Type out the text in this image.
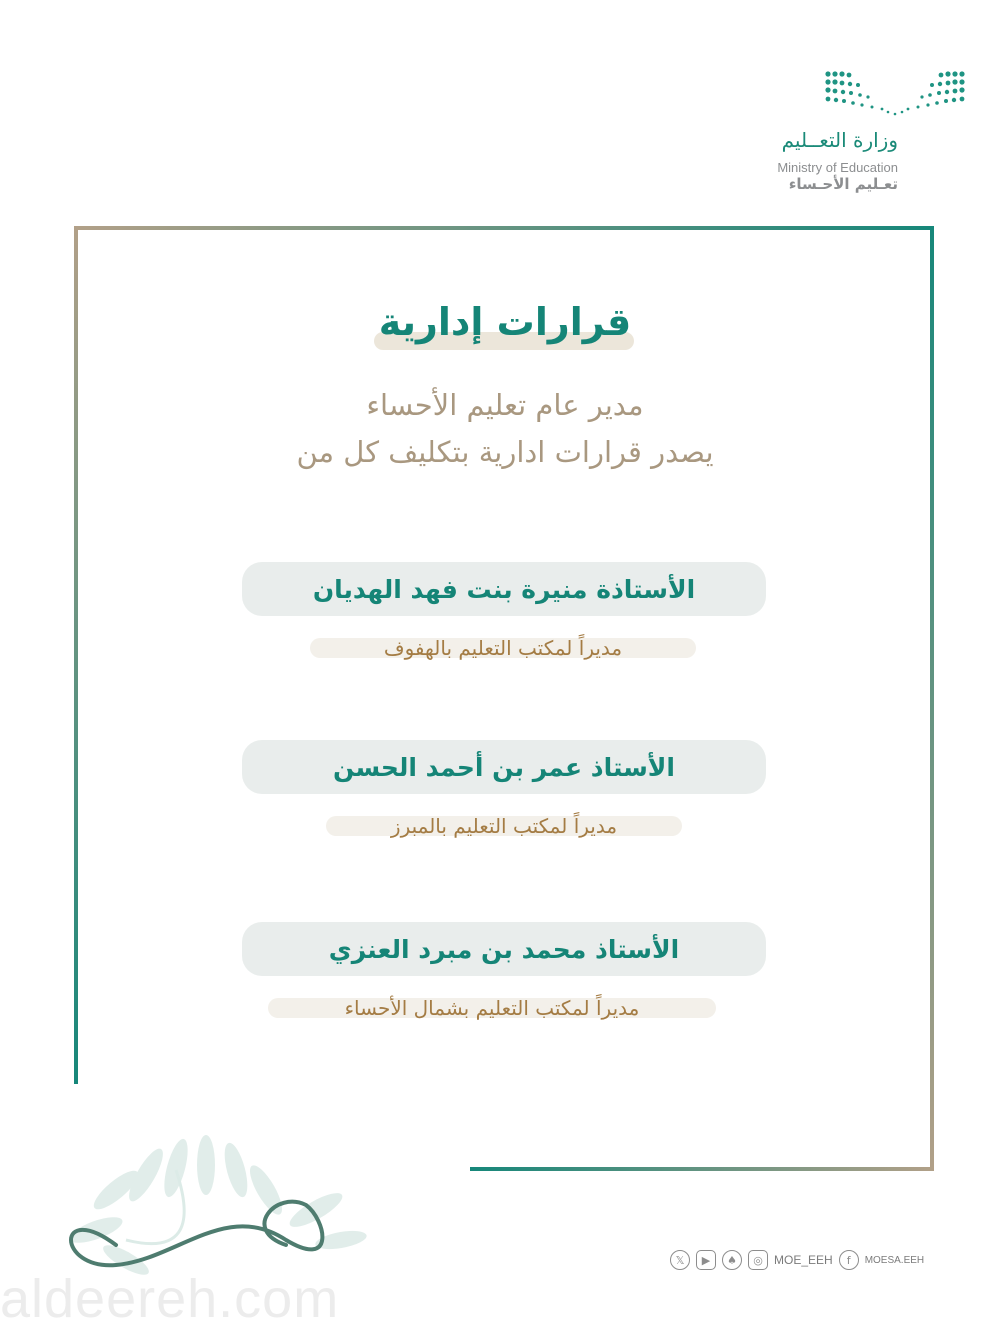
وزارة التعــليم
Ministry of Education
تعـليم الأحـساء
قرارات إدارية
مدير عام تعليم الأحساء
يصدر قرارات ادارية بتكليف كل من
الأستاذة منيرة بنت فهد الهديان
مديراً لمكتب التعليم بالهفوف
الأستاذ عمر بن أحمد الحسن
مديراً لمكتب التعليم بالمبرز
الأستاذ محمد بن مبرد العنزي
مديراً لمكتب التعليم بشمال الأحساء
𝕏	▶	♠	◎ MOE_EEH	f	MOESA.EEH
aldeereh.com
